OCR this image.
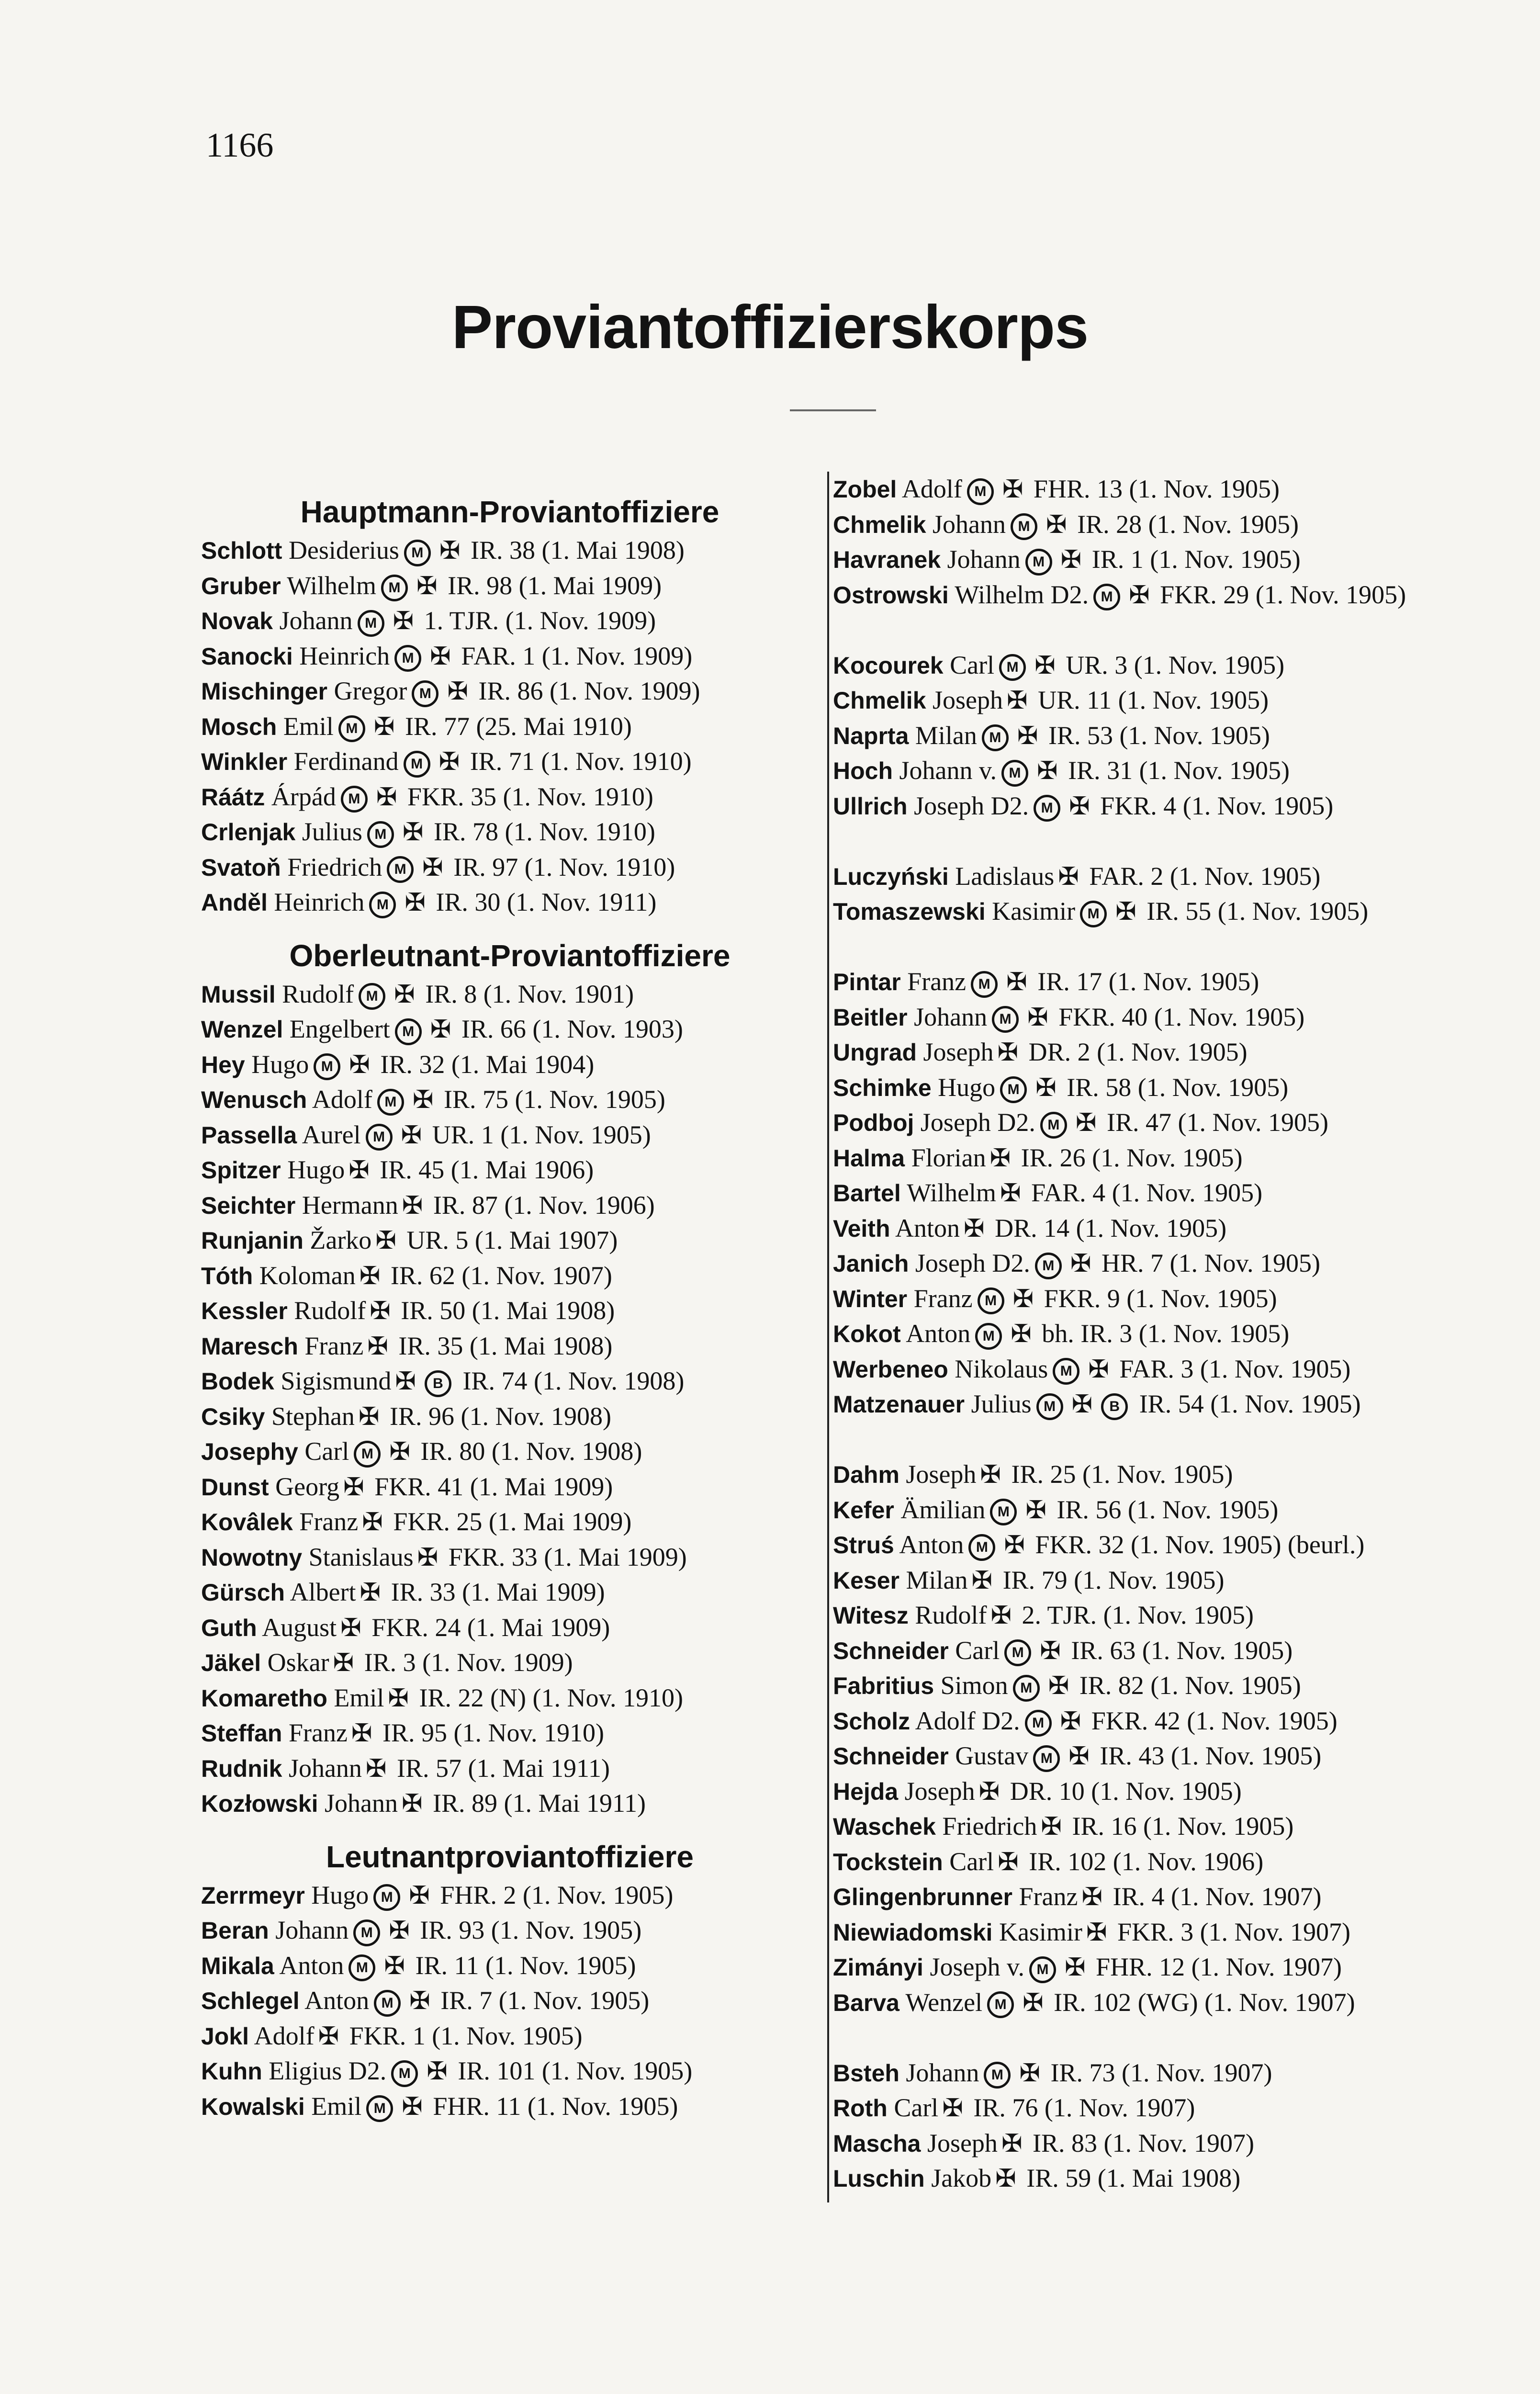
1166
Proviantoffizierskorps
Hauptmann-Proviantoffiziere
Schlott Desiderius M ✠ IR. 38 (1. Mai 1908)
Gruber Wilhelm M ✠ IR. 98 (1. Mai 1909)
Novak Johann M ✠ 1. TJR. (1. Nov. 1909)
Sanocki Heinrich M ✠ FAR. 1 (1. Nov. 1909)
Mischinger Gregor M ✠ IR. 86 (1. Nov. 1909)
Mosch Emil M ✠ IR. 77 (25. Mai 1910)
Winkler Ferdinand M ✠ IR. 71 (1. Nov. 1910)
Ráátz Árpád M ✠ FKR. 35 (1. Nov. 1910)
Crlenjak Julius M ✠ IR. 78 (1. Nov. 1910)
Svatoň Friedrich M ✠ IR. 97 (1. Nov. 1910)
Anděl Heinrich M ✠ IR. 30 (1. Nov. 1911)
Oberleutnant-Proviantoffiziere
Mussil Rudolf M ✠ IR. 8 (1. Nov. 1901)
Wenzel Engelbert M ✠ IR. 66 (1. Nov. 1903)
Hey Hugo M ✠ IR. 32 (1. Mai 1904)
Wenusch Adolf M ✠ IR. 75 (1. Nov. 1905)
Passella Aurel M ✠ UR. 1 (1. Nov. 1905)
Spitzer Hugo ✠ IR. 45 (1. Mai 1906)
Seichter Hermann ✠ IR. 87 (1. Nov. 1906)
Runjanin Žarko ✠ UR. 5 (1. Mai 1907)
Tóth Koloman ✠ IR. 62 (1. Nov. 1907)
Kessler Rudolf ✠ IR. 50 (1. Mai 1908)
Maresch Franz ✠ IR. 35 (1. Mai 1908)
Bodek Sigismund ✠ B IR. 74 (1. Nov. 1908)
Csiky Stephan ✠ IR. 96 (1. Nov. 1908)
Josephy Carl M ✠ IR. 80 (1. Nov. 1908)
Dunst Georg ✠ FKR. 41 (1. Mai 1909)
Kovâlek Franz ✠ FKR. 25 (1. Mai 1909)
Nowotny Stanislaus ✠ FKR. 33 (1. Mai 1909)
Gürsch Albert ✠ IR. 33 (1. Mai 1909)
Guth August ✠ FKR. 24 (1. Mai 1909)
Jäkel Oskar ✠ IR. 3 (1. Nov. 1909)
Komaretho Emil ✠ IR. 22 (N) (1. Nov. 1910)
Steffan Franz ✠ IR. 95 (1. Nov. 1910)
Rudnik Johann ✠ IR. 57 (1. Mai 1911)
Kozłowski Johann ✠ IR. 89 (1. Mai 1911)
Leutnantproviantoffiziere
Zerrmeyr Hugo M ✠ FHR. 2 (1. Nov. 1905)
Beran Johann M ✠ IR. 93 (1. Nov. 1905)
Mikala Anton M ✠ IR. 11 (1. Nov. 1905)
Schlegel Anton M ✠ IR. 7 (1. Nov. 1905)
Jokl Adolf ✠ FKR. 1 (1. Nov. 1905)
Kuhn Eligius D2. M ✠ IR. 101 (1. Nov. 1905)
Kowalski Emil M ✠ FHR. 11 (1. Nov. 1905)
Zobel Adolf M ✠ FHR. 13 (1. Nov. 1905)
Chmelik Johann M ✠ IR. 28 (1. Nov. 1905)
Havranek Johann M ✠ IR. 1 (1. Nov. 1905)
Ostrowski Wilhelm D2. M ✠ FKR. 29 (1. Nov. 1905)
Kocourek Carl M ✠ UR. 3 (1. Nov. 1905)
Chmelik Joseph ✠ UR. 11 (1. Nov. 1905)
Naprta Milan M ✠ IR. 53 (1. Nov. 1905)
Hoch Johann v. M ✠ IR. 31 (1. Nov. 1905)
Ullrich Joseph D2. M ✠ FKR. 4 (1. Nov. 1905)
Luczyński Ladislaus ✠ FAR. 2 (1. Nov. 1905)
Tomaszewski Kasimir M ✠ IR. 55 (1. Nov. 1905)
Pintar Franz M ✠ IR. 17 (1. Nov. 1905)
Beitler Johann M ✠ FKR. 40 (1. Nov. 1905)
Ungrad Joseph ✠ DR. 2 (1. Nov. 1905)
Schimke Hugo M ✠ IR. 58 (1. Nov. 1905)
Podboj Joseph D2. M ✠ IR. 47 (1. Nov. 1905)
Halma Florian ✠ IR. 26 (1. Nov. 1905)
Bartel Wilhelm ✠ FAR. 4 (1. Nov. 1905)
Veith Anton ✠ DR. 14 (1. Nov. 1905)
Janich Joseph D2. M ✠ HR. 7 (1. Nov. 1905)
Winter Franz M ✠ FKR. 9 (1. Nov. 1905)
Kokot Anton M ✠ bh. IR. 3 (1. Nov. 1905)
Werbeneo Nikolaus M ✠ FAR. 3 (1. Nov. 1905)
Matzenauer Julius M ✠ B IR. 54 (1. Nov. 1905)
Dahm Joseph ✠ IR. 25 (1. Nov. 1905)
Kefer Ämilian M ✠ IR. 56 (1. Nov. 1905)
Struś Anton M ✠ FKR. 32 (1. Nov. 1905) (beurl.)
Keser Milan ✠ IR. 79 (1. Nov. 1905)
Witesz Rudolf ✠ 2. TJR. (1. Nov. 1905)
Schneider Carl M ✠ IR. 63 (1. Nov. 1905)
Fabritius Simon M ✠ IR. 82 (1. Nov. 1905)
Scholz Adolf D2. M ✠ FKR. 42 (1. Nov. 1905)
Schneider Gustav M ✠ IR. 43 (1. Nov. 1905)
Hejda Joseph ✠ DR. 10 (1. Nov. 1905)
Waschek Friedrich ✠ IR. 16 (1. Nov. 1905)
Tockstein Carl ✠ IR. 102 (1. Nov. 1906)
Glingenbrunner Franz ✠ IR. 4 (1. Nov. 1907)
Niewiadomski Kasimir ✠ FKR. 3 (1. Nov. 1907)
Zimányi Joseph v. M ✠ FHR. 12 (1. Nov. 1907)
Barva Wenzel M ✠ IR. 102 (WG) (1. Nov. 1907)
Bsteh Johann M ✠ IR. 73 (1. Nov. 1907)
Roth Carl ✠ IR. 76 (1. Nov. 1907)
Mascha Joseph ✠ IR. 83 (1. Nov. 1907)
Luschin Jakob ✠ IR. 59 (1. Mai 1908)
